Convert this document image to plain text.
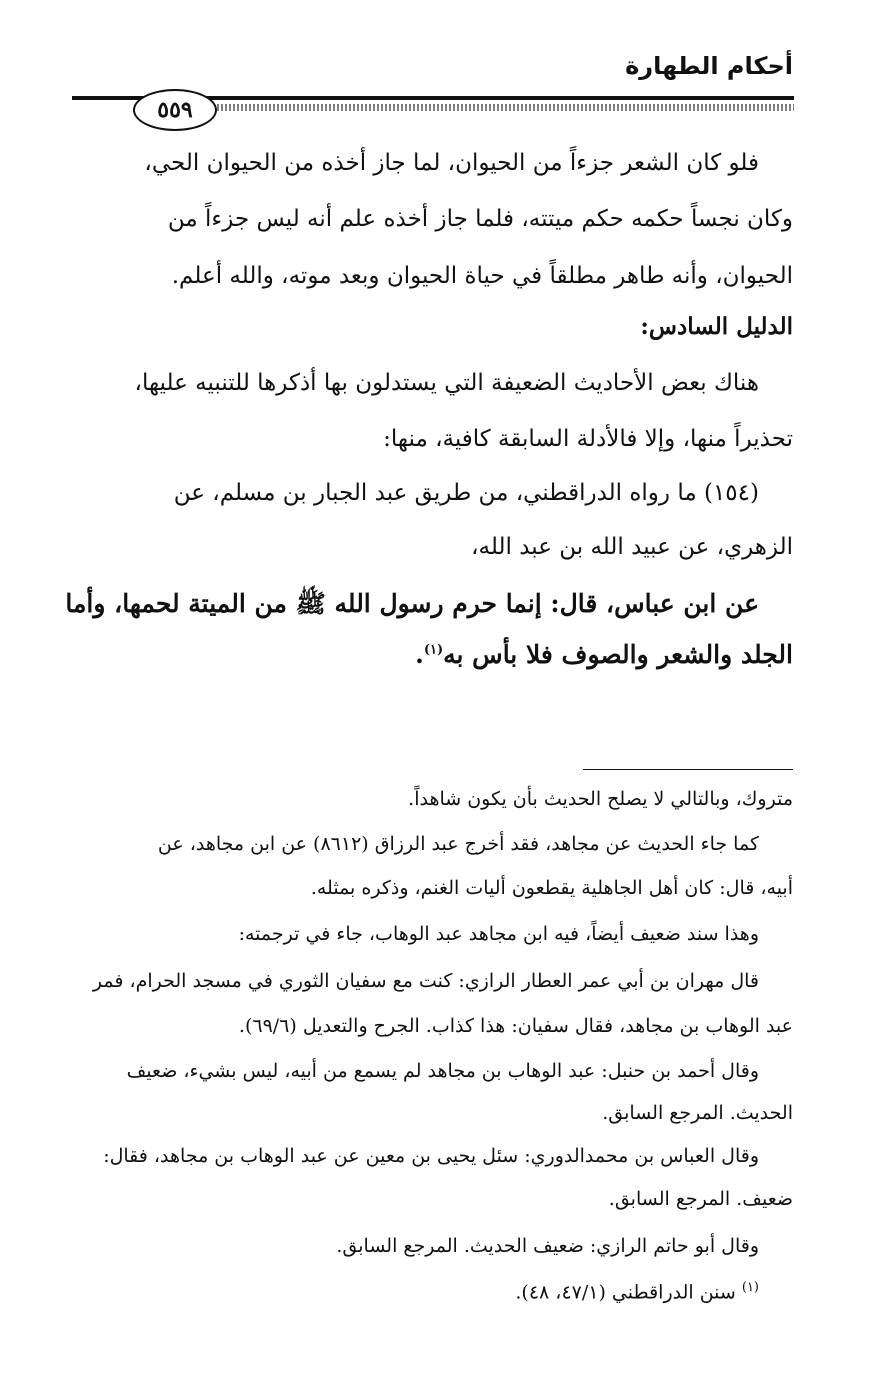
أحكام الطهارة
٥٥٩
فلو كان الشعر جزءاً من الحيوان، لما جاز أخذه من الحيوان الحي،
وكان نجساً حكمه حكم ميتته، فلما جاز أخذه علم أنه ليس جزءاً من
الحيوان، وأنه طاهر مطلقاً في حياة الحيوان وبعد موته، والله أعلم.
الدليل السادس:
هناك بعض الأحاديث الضعيفة التي يستدلون بها أذكرها للتنبيه عليها،
تحذيراً منها، وإلا فالأدلة السابقة كافية، منها:
(١٥٤) ما رواه الدراقطني، من طريق عبد الجبار بن مسلم، عن
الزهري، عن عبيد الله بن عبد الله،
عن ابن عباس، قال: إنما حرم رسول الله ﷺ من الميتة لحمها، وأما
الجلد والشعر والصوف فلا بأس به$^{(١)}$.
متروك، وبالتالي لا يصلح الحديث بأن يكون شاهداً.
كما جاء الحديث عن مجاهد، فقد أخرج عبد الرزاق (٨٦١٢) عن ابن مجاهد، عن
أبيه، قال: كان أهل الجاهلية يقطعون أليات الغنم، وذكره بمثله.
وهذا سند ضعيف أيضاً، فيه ابن مجاهد عبد الوهاب، جاء في ترجمته:
قال مهران بن أبي عمر العطار الرازي: كنت مع سفيان الثوري في مسجد الحرام، فمر
عبد الوهاب بن مجاهد، فقال سفيان: هذا كذاب. الجرح والتعديل (٦٩/٦).
وقال أحمد بن حنبل: عبد الوهاب بن مجاهد لم يسمع من أبيه، ليس بشيء، ضعيف
الحديث. المرجع السابق.
وقال العباس بن محمدالدوري: سئل يحيى بن معين عن عبد الوهاب بن مجاهد، فقال:
ضعيف. المرجع السابق.
وقال أبو حاتم الرازي: ضعيف الحديث. المرجع السابق.
$^{(١)}$ سنن الدراقطني (٤٧/١، ٤٨).
